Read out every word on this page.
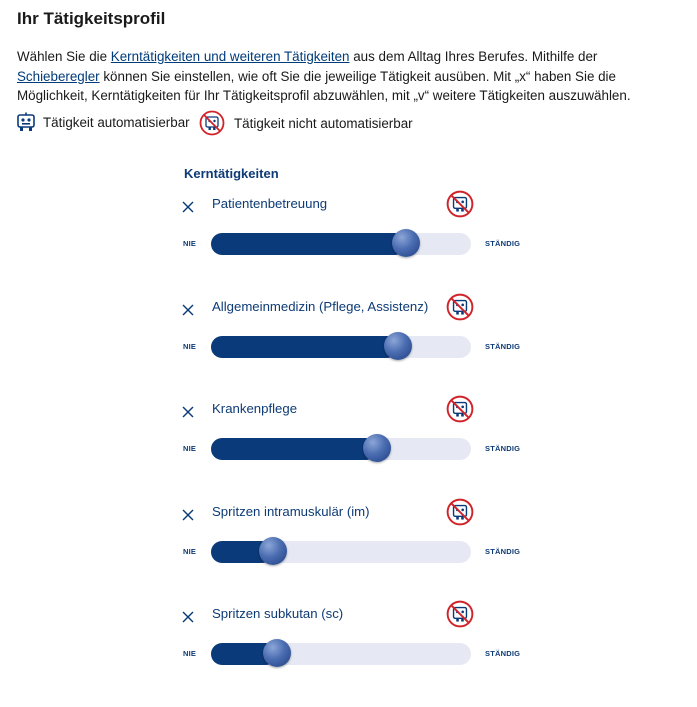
Ihr Tätigkeitsprofil
Wählen Sie die Kerntätigkeiten und weiteren Tätigkeiten aus dem Alltag Ihres Berufes. Mithilfe der Schieberegler können Sie einstellen, wie oft Sie die jeweilige Tätigkeit ausüben. Mit „x“ haben Sie die Möglichkeit, Kerntätigkeiten für Ihr Tätigkeitsprofil abzuwählen, mit „v“ weitere Tätigkeiten auszuwählen.
Tätigkeit automatisierbar	Tätigkeit nicht automatisierbar
Kerntätigkeiten
Patientenbetreuung
NIE	STÄNDIG
Allgemeinmedizin (Pflege, Assistenz)
NIE	STÄNDIG
Krankenpflege
NIE	STÄNDIG
Spritzen intramuskulär (im)
NIE	STÄNDIG
Spritzen subkutan (sc)
NIE	STÄNDIG
